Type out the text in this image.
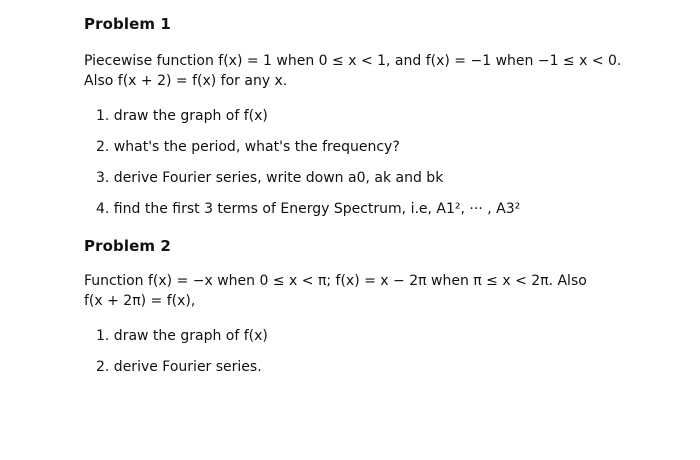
Problem 1
Piecewise function f(x) = 1 when 0 ≤ x < 1, and f(x) = −1 when −1 ≤ x < 0.
Also f(x + 2) = f(x) for any x.
1. draw the graph of f(x)
2. what's the period, what's the frequency?
3. derive Fourier series, write down a0, ak and bk
4. find the first 3 terms of Energy Spectrum, i.e, A1², ··· , A3²
Problem 2
Function f(x) = −x when 0 ≤ x < π; f(x) = x − 2π when π ≤ x < 2π. Also
f(x + 2π) = f(x),
1. draw the graph of f(x)
2. derive Fourier series.
